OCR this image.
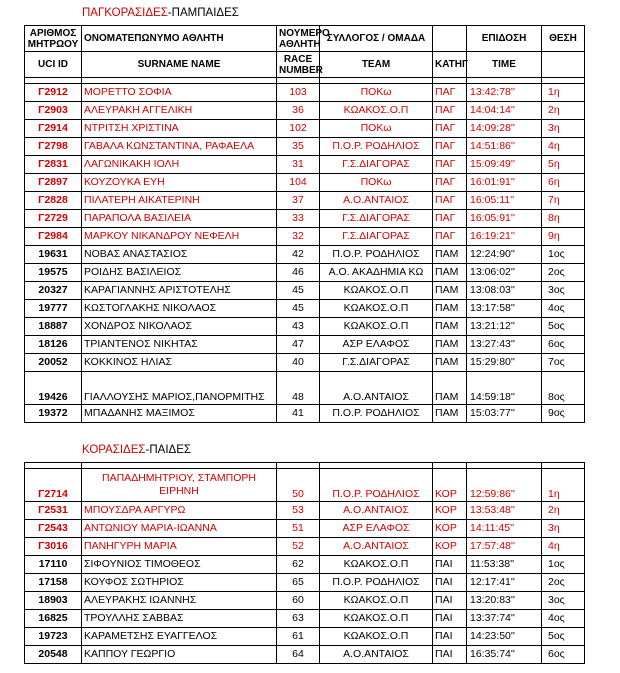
ΠΑΓΚΟΡΑΣΙΔΕΣ-ΠΑΜΠΑΙΔΕΣ
ΑΡΙΘΜΟΣ ΜΗΤΡΩΟΥ	ΟΝΟΜΑΤΕΠΩΝΥΜΟ ΑΘΛΗΤΗ	ΝΟΥΜΕΡΟ ΑΘΛΗΤΗ	ΣΥΛΛΟΓΟΣ / ΟΜΑΔΑ		ΕΠΙΔΟΣΗ	ΘΕΣΗ
UCI ID	SURNAME NAME	RACE NUMBER	TEAM	ΚΑΤΗΓ	TIME	

Γ2912	ΜΟΡΕΤΤΟ ΣΟΦΙΑ	103	ΠΟΚω	ΠΑΓ	13:42:78''	1η
Γ2903	ΑΛΕΥΡΑΚΗ ΑΓΓΕΛΙΚΗ	36	ΚΩΑΚΟΣ.Ο.Π	ΠΑΓ	14:04:14''	2η
Γ2914	ΝΤΡΙΤΣΗ ΧΡΙΣΤΙΝΑ	102	ΠΟΚω	ΠΑΓ	14:09:28''	3η
Γ2798	ΓΑΒΑΛΑ ΚΩΝΣΤΑΝΤΙΝΑ, ΡΑΦΑΕΛΑ	35	Π.Ο.Ρ. ΡΟΔΗΛΙΟΣ	ΠΑΓ	14:51:86''	4η
Γ2831	ΛΑΓΩΝΙΚΑΚΗ ΙΟΛΗ	31	Γ.Σ.ΔΙΑΓΟΡΑΣ	ΠΑΓ	15:09:49''	5η
Γ2897	ΚΟΥΖΟΥΚΑ ΕΥΗ	104	ΠΟΚω	ΠΑΓ	16:01:91''	6η
Γ2828	ΠΙΛΑΤΕΡΗ ΑΙΚΑΤΕΡΙΝΗ	37	Α.Ο.ΑΝΤΑΙΟΣ	ΠΑΓ	16:05:11''	7η
Γ2729	ΠΑΡΑΠΟΛΑ ΒΑΣΙΛΕΙΑ	33	Γ.Σ.ΔΙΑΓΟΡΑΣ	ΠΑΓ	16:05:91''	8η
Γ2984	ΜΑΡΚΟΥ ΝΙΚΑΝΔΡΟΥ ΝΕΦΕΛΗ	32	Γ.Σ.ΔΙΑΓΟΡΑΣ	ΠΑΓ	16:19:21''	9η
19631	ΝΟΒΑΣ ΑΝΑΣΤΑΣΙΟΣ	42	Π.Ο.Ρ. ΡΟΔΗΛΙΟΣ	ΠΑΜ	12:24:90''	1ος
19575	ΡΟΙΔΗΣ ΒΑΣΙΛΕΙΟΣ	46	Α.Ο. ΑΚΑΔΗΜΙΑ ΚΩ	ΠΑΜ	13:06:02''	2ος
20327	ΚΑΡΑΓΙΑΝΝΗΣ ΑΡΙΣΤΟΤΕΛΗΣ	45	ΚΩΑΚΟΣ.Ο.Π	ΠΑΜ	13:08:03''	3ος
19777	ΚΩΣΤΟΓΛΑΚΗΣ ΝΙΚΟΛΑΟΣ	45	ΚΩΑΚΟΣ.Ο.Π	ΠΑΜ	13:17:58''	4ος
18887	ΧΟΝΔΡΟΣ ΝΙΚΟΛΑΟΣ	43	ΚΩΑΚΟΣ.Ο.Π	ΠΑΜ	13:21:12''	5ος
18126	ΤΡΙΑΝΤΕΝΟΣ ΝΙΚΗΤΑΣ	47	ΑΣΡ ΕΛΑΦΟΣ	ΠΑΜ	13:27:43''	6ος
20052	ΚΟΚΚΙΝΟΣ ΗΛΙΑΣ	40	Γ.Σ.ΔΙΑΓΟΡΑΣ	ΠΑΜ	15:29:80''	7ος
19426	ΓΙΑΛΛΟΥΣΗΣ ΜΑΡΙΟΣ,ΠΑΝΟΡΜΙΤΗΣ	48	Α.Ο.ΑΝΤΑΙΟΣ	ΠΑΜ	14:59:18''	8ος
19372	ΜΠΑΔΑΝΗΣ ΜΑΞΙΜΟΣ	41	Π.Ο.Ρ. ΡΟΔΗΛΙΟΣ	ΠΑΜ	15:03:77''	9ος
ΚΟΡΑΣΙΔΕΣ-ΠΑΙΔΕΣ

Γ2714	ΠΑΠΑΔΗΜΗΤΡΙΟΥ, ΣΤΑΜΠΟΡΗ ΕΙΡΗΝΗ	50	Π.Ο.Ρ. ΡΟΔΗΛΙΟΣ	ΚΟΡ	12:59:86''	1η
Γ2531	ΜΠΟΥΣΔΡΑ ΑΡΓΥΡΩ	53	Α.Ο.ΑΝΤΑΙΟΣ	ΚΟΡ	13:53:48''	2η
Γ2543	ΑΝΤΩΝΙΟΥ ΜΑΡΙΑ-ΙΩΑΝΝΑ	51	ΑΣΡ ΕΛΑΦΟΣ	ΚΟΡ	14:11:45''	3η
Γ3016	ΠΑΝΗΓΥΡΗ ΜΑΡΙΑ	52	Α.Ο.ΑΝΤΑΙΟΣ	ΚΟΡ	17:57:48''	4η
17110	ΣΙΦΟΥΝΙΟΣ ΤΙΜΟΘΕΟΣ	62	ΚΩΑΚΟΣ.Ο.Π	ΠΑΙ	11:53:38''	1ος
17158	ΚΟΥΦΟΣ ΣΩΤΗΡΙΟΣ	65	Π.Ο.Ρ. ΡΟΔΗΛΙΟΣ	ΠΑΙ	12:17:41''	2ος
18903	ΑΛΕΥΡΑΚΗΣ ΙΩΑΝΝΗΣ	60	ΚΩΑΚΟΣ.Ο.Π	ΠΑΙ	13:20:83''	3ος
16825	ΤΡΟΥΛΛΗΣ ΣΑΒΒΑΣ	63	ΚΩΑΚΟΣ.Ο.Π	ΠΑΙ	13:37:74''	4ος
19723	ΚΑΡΑΜΕΤΣΗΣ ΕΥΑΓΓΕΛΟΣ	61	ΚΩΑΚΟΣ.Ο.Π	ΠΑΙ	14:23:50''	5ος
20548	ΚΑΠΠΟΥ ΓΕΩΡΓΙΟ	64	Α.Ο.ΑΝΤΑΙΟΣ	ΠΑΙ	16:35:74''	6ος
